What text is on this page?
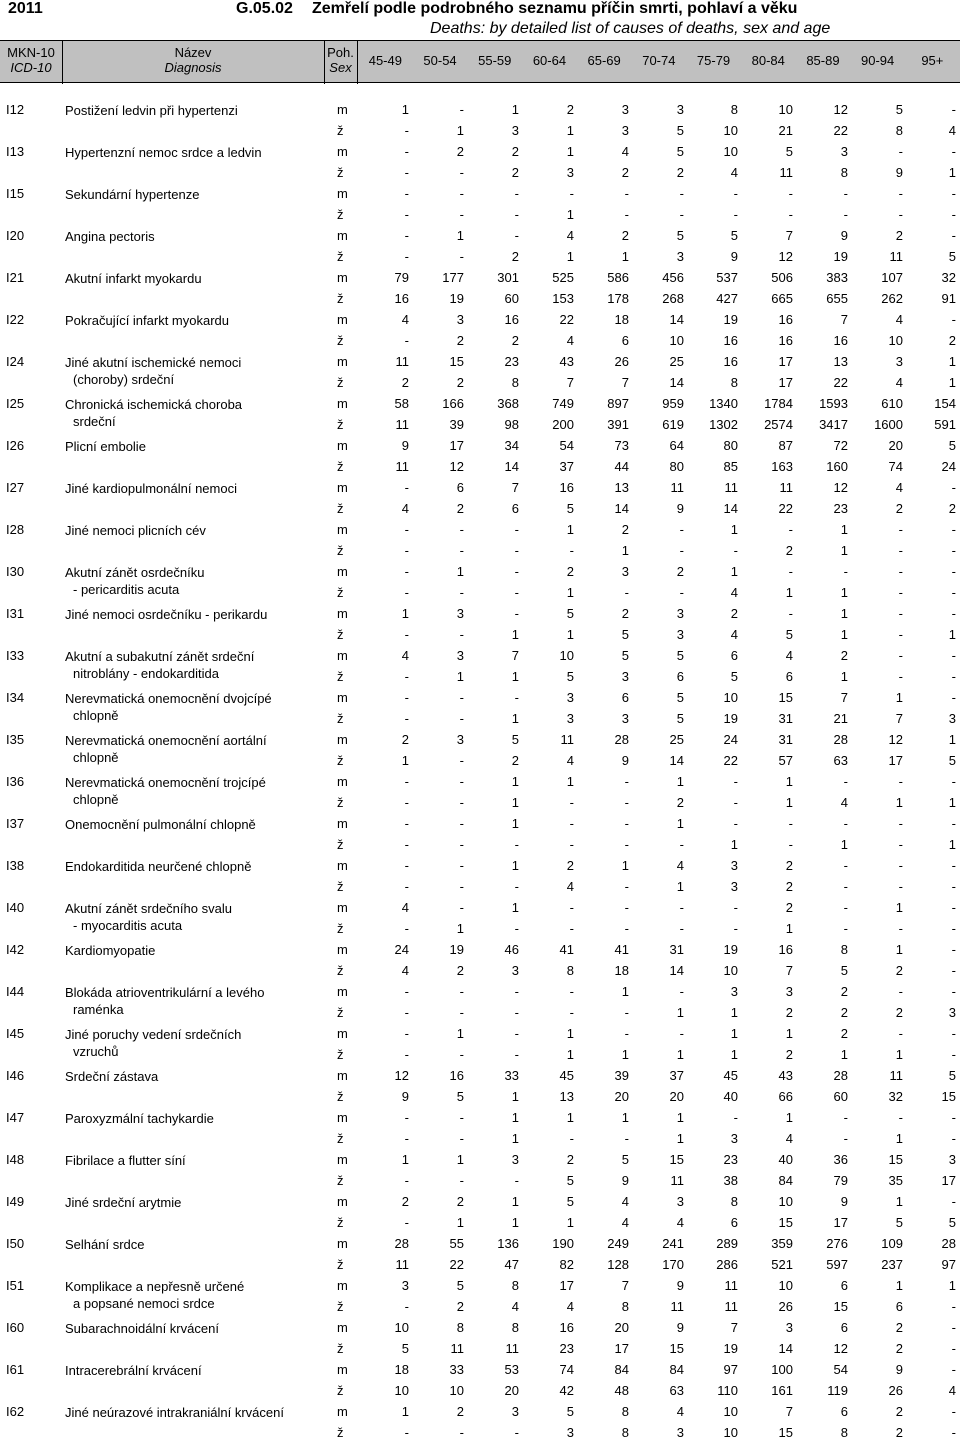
2011	G.05.02 Zemřelí podle podrobného seznamu příčin smrti, pohlaví a věku
Deaths: by detailed list of causes of deaths, sex and age
MKN-10
ICD-10
Název
Diagnosis
Poh.
Sex	45-49	50-54	55-59	60-64	65-69	70-74	75-79	80-84	85-89	90-94	95+
I12	Postižení ledvin při hypertenzi	m	1	-	1	2	3	3	8	10	12	5	-
ž	-	1	3	1	3	5	10	21	22	8	4
I13	Hypertenzní nemoc srdce a ledvin	m	-	2	2	1	4	5	10	5	3	-	-
ž	-	-	2	3	2	2	4	11	8	9	1
I15	Sekundární hypertenze	m	-	-	-	-	-	-	-	-	-	-	-
ž	-	-	-	1	-	-	-	-	-	-	-
I20	Angina pectoris	m	-	1	-	4	2	5	5	7	9	2	-
ž	-	-	2	1	1	3	9	12	19	11	5
I21	Akutní infarkt myokardu	m	79	177	301	525	586	456	537	506	383	107	32
ž	16	19	60	153	178	268	427	665	655	262	91
I22	Pokračující infarkt myokardu	m	4	3	16	22	18	14	19	16	7	4	-
ž	-	2	2	4	6	10	16	16	16	10	2
I24	Jiné akutní ischemické nemoci
(choroby) srdeční
m	11	15	23	43	26	25	16	17	13	3	1
ž	2	2	8	7	7	14	8	17	22	4	1
I25	Chronická ischemická choroba
srdeční
m	58	166	368	749	897	959	1340	1784	1593	610	154
ž	11	39	98	200	391	619	1302	2574	3417	1600	591
I26	Plicní embolie	m	9	17	34	54	73	64	80	87	72	20	5
ž	11	12	14	37	44	80	85	163	160	74	24
I27	Jiné kardiopulmonální nemoci	m	-	6	7	16	13	11	11	11	12	4	-
ž	4	2	6	5	14	9	14	22	23	2	2
I28	Jiné nemoci plicních cév	m	-	-	-	1	2	-	1	-	1	-	-
ž	-	-	-	-	1	-	-	2	1	-	-
I30	Akutní zánět osrdečníku
- pericarditis acuta
m	-	1	-	2	3	2	1	-	-	-	-
ž	-	-	-	1	-	-	4	1	1	-	-
I31	Jiné nemoci osrdečníku - perikardu	m	1	3	-	5	2	3	2	-	1	-	-
ž	-	-	1	1	5	3	4	5	1	-	1
I33	Akutní a subakutní zánět srdeční
nitroblány - endokarditida
m	4	3	7	10	5	5	6	4	2	-	-
ž	-	1	1	5	3	6	5	6	1	-	-
I34	Nerevmatická onemocnění dvojcípé
chlopně
m	-	-	-	3	6	5	10	15	7	1	-
ž	-	-	1	3	3	5	19	31	21	7	3
I35	Nerevmatická onemocnění aortální
chlopně
m	2	3	5	11	28	25	24	31	28	12	1
ž	1	-	2	4	9	14	22	57	63	17	5
I36	Nerevmatická onemocnění trojcípé
chlopně
m	-	-	1	1	-	1	-	1	-	-	-
ž	-	-	1	-	-	2	-	1	4	1	1
I37	Onemocnění pulmonální chlopně	m	-	-	1	-	-	1	-	-	-	-	-
ž	-	-	-	-	-	-	1	-	1	-	1
I38	Endokarditida neurčené chlopně	m	-	-	1	2	1	4	3	2	-	-	-
ž	-	-	-	4	-	1	3	2	-	-	-
I40	Akutní zánět srdečního svalu
- myocarditis acuta
m	4	-	1	-	-	-	-	2	-	1	-
ž	-	1	-	-	-	-	-	1	-	-	-
I42	Kardiomyopatie	m	24	19	46	41	41	31	19	16	8	1	-
ž	4	2	3	8	18	14	10	7	5	2	-
I44	Blokáda atrioventrikulární a levého
raménka
m	-	-	-	-	1	-	3	3	2	-	-
ž	-	-	-	-	-	1	1	2	2	2	3
I45	Jiné poruchy vedení srdečních
vzruchů
m	-	1	-	1	-	-	1	1	2	-	-
ž	-	-	-	1	1	1	1	2	1	1	-
I46	Srdeční zástava	m	12	16	33	45	39	37	45	43	28	11	5
ž	9	5	1	13	20	20	40	66	60	32	15
I47	Paroxyzmální tachykardie	m	-	-	1	1	1	1	-	1	-	-	-
ž	-	-	1	-	-	1	3	4	-	1	-
I48	Fibrilace a flutter síní	m	1	1	3	2	5	15	23	40	36	15	3
ž	-	-	-	5	9	11	38	84	79	35	17
I49	Jiné srdeční arytmie	m	2	2	1	5	4	3	8	10	9	1	-
ž	-	1	1	1	4	4	6	15	17	5	5
I50	Selhání srdce	m	28	55	136	190	249	241	289	359	276	109	28
ž	11	22	47	82	128	170	286	521	597	237	97
I51	Komplikace a nepřesně určené
a popsané nemoci srdce
m	3	5	8	17	7	9	11	10	6	1	1
ž	-	2	4	4	8	11	11	26	15	6	-
I60	Subarachnoidální krvácení	m	10	8	8	16	20	9	7	3	6	2	-
ž	5	11	11	23	17	15	19	14	12	2	-
I61	Intracerebrální krvácení	m	18	33	53	74	84	84	97	100	54	9	-
ž	10	10	20	42	48	63	110	161	119	26	4
I62	Jiné neúrazové intrakraniální krvácení	m	1	2	3	5	8	4	10	7	6	2	-
ž	-	-	-	3	8	3	10	15	8	2	-
